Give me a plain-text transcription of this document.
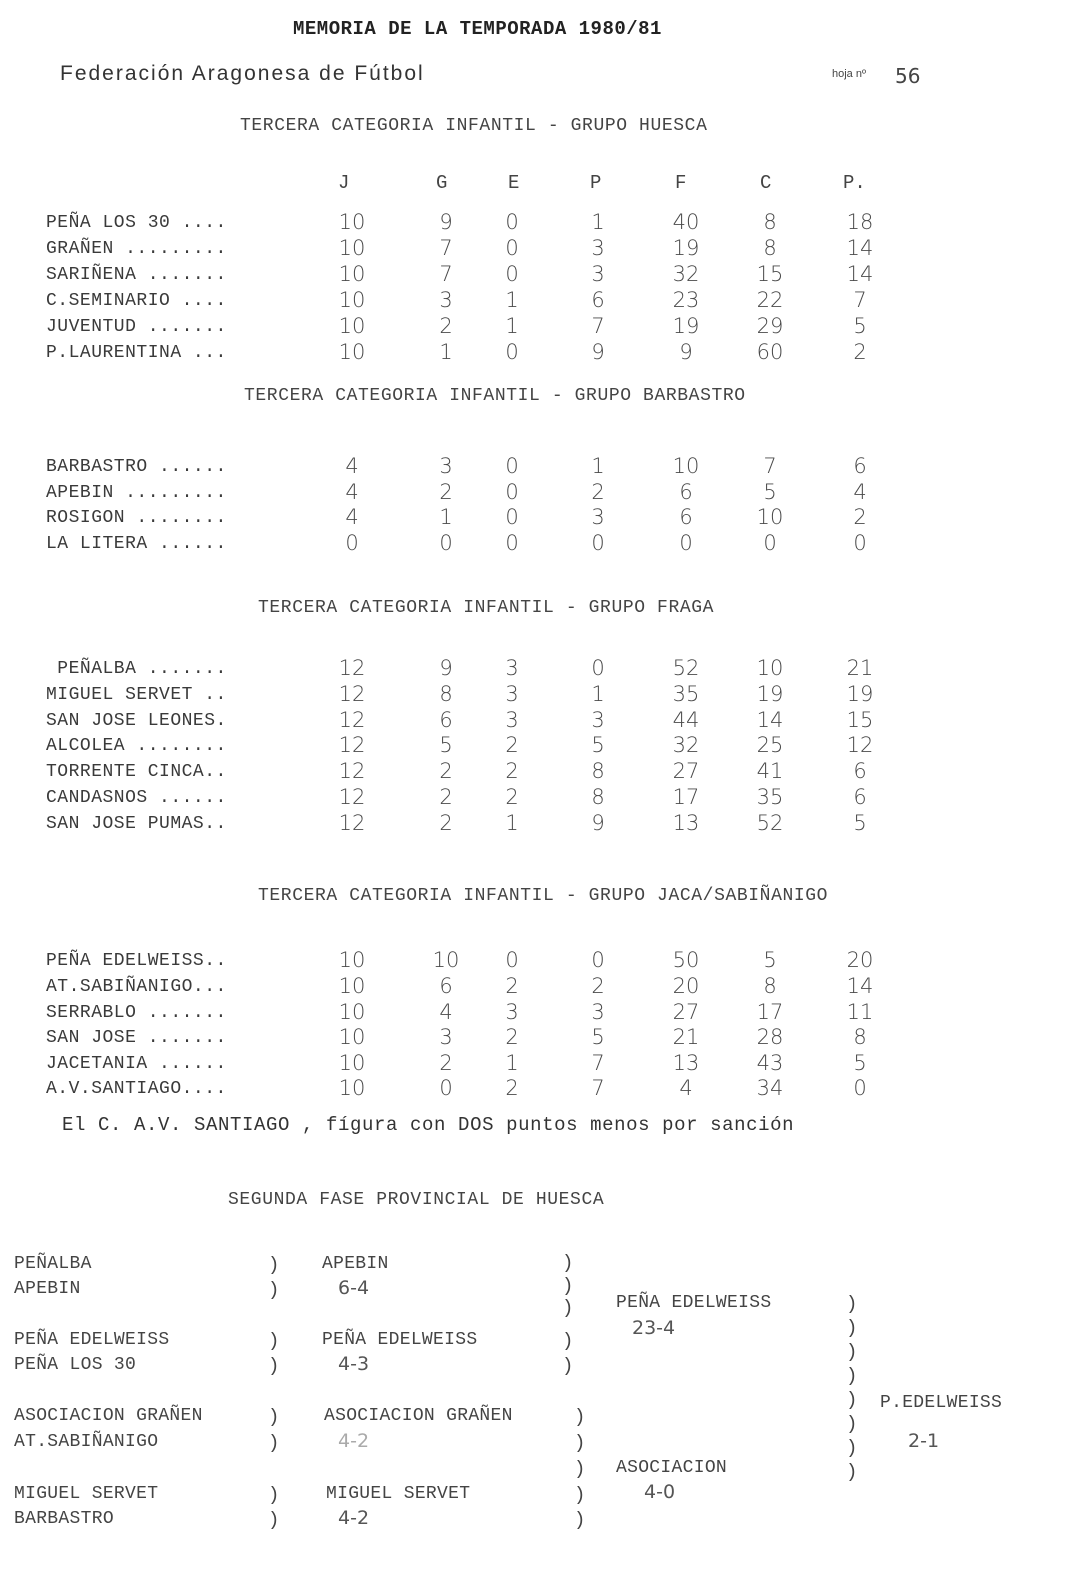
MEMORIA DE LA TEMPORADA 1980/81
Federación Aragonesa de Fútbol	hoja nº 56
TERCERA CATEGORIA INFANTIL - GRUPO HUESCA
TERCERA CATEGORIA INFANTIL - GRUPO BARBASTRO
TERCERA CATEGORIA INFANTIL - GRUPO FRAGA
TERCERA CATEGORIA INFANTIL - GRUPO JACA/SABIÑANIGO
J	G	E	P	F	C	P.
PEÑA LOS 30 ....	10	9	0	1	40	8	18
GRAÑEN .........	10	7	0	3	19	8	14
SARIÑENA .......	10	7	0	3	32	15	14
C.SEMINARIO ....	10	3	1	6	23	22	7
JUVENTUD .......	10	2	1	7	19	29	5
P.LAURENTINA ...	10	1	0	9	9	60	2
BARBASTRO ......	4	3	0	1	10	7	6
APEBIN .........	4	2	0	2	6	5	4
ROSIGON ........	4	1	0	3	6	10	2
LA LITERA ......	0	0	0	0	0	0	0
PEÑALBA .......	12	9	3	0	52	10	21
MIGUEL SERVET ..	12	8	3	1	35	19	19
SAN JOSE LEONES.	12	6	3	3	44	14	15
ALCOLEA ........	12	5	2	5	32	25	12
TORRENTE CINCA..	12	2	2	8	27	41	6
CANDASNOS ......	12	2	2	8	17	35	6
SAN JOSE PUMAS..	12	2	1	9	13	52	5
PEÑA EDELWEISS..	10	10	0	0	50	5	20
AT.SABIÑANIGO...	10	6	2	2	20	8	14
SERRABLO .......	10	4	3	3	27	17	11
SAN JOSE .......	10	3	2	5	21	28	8
JACETANIA ......	10	2	1	7	13	43	5
A.V.SANTIAGO....	10	0	2	7	4	34	0
El C. A.V. SANTIAGO , fígura con DOS puntos menos por sanción
SEGUNDA FASE PROVINCIAL DE HUESCA
PEÑALBA
APEBIN
PEÑA EDELWEISS
PEÑA LOS 30
ASOCIACION GRAÑEN
AT.SABIÑANIGO
MIGUEL SERVET
BARBASTRO
APEBIN
6-4
PEÑA EDELWEISS
4-3
ASOCIACION GRAÑEN
4-2
MIGUEL SERVET
4-2
PEÑA EDELWEISS
23-4
ASOCIACION
4-0
P.EDELWEISS
2-1
)
)
)
)
)
)
)
)
)
)
)
)
)
)
)
)
)
)
)
)
)
)
)
)
)
)
